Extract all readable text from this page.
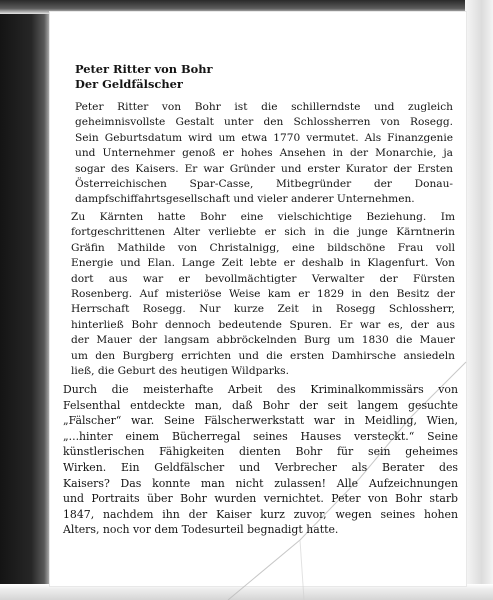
Peter Ritter von Bohr
Der Geldfälscher

Peter Ritter von Bohr ist die schillerndste und zugleich
geheimnisvollste Gestalt unter den Schlossherren von Rosegg.
Sein Geburtsdatum wird um etwa 1770 vermutet. Als Finanzgenie
und Unternehmer genoß er hohes Ansehen in der Monarchie, ja
sogar des Kaisers. Er war Gründer und erster Kurator der Ersten
Österreichischen Spar-Casse, Mitbegründer der Donau-
dampfschiffahrtsgesellschaft und vieler anderer Unternehmen.

Zu Kärnten hatte Bohr eine vielschichtige Beziehung. Im
fortgeschrittenen Alter verliebte er sich in die junge Kärntnerin
Gräfin Mathilde von Christalnigg, eine bildschöne Frau voll
Energie und Elan. Lange Zeit lebte er deshalb in Klagenfurt. Von
dort aus war er bevollmächtigter Verwalter der Fürsten
Rosenberg. Auf misteriöse Weise kam er 1829 in den Besitz der
Herrschaft Rosegg. Nur kurze Zeit in Rosegg Schlossherr,
hinterließ Bohr dennoch bedeutende Spuren. Er war es, der aus
der Mauer der langsam abbröckelnden Burg um 1830 die Mauer
um den Burgberg errichten und die ersten Damhirsche ansiedeln
ließ, die Geburt des heutigen Wildparks.

Durch die meisterhafte Arbeit des Kriminalkommissärs von
Felsenthal entdeckte man, daß Bohr der seit langem gesuchte
„Fälscher“ war. Seine Fälscherwerkstatt war in Meidling, Wien,
„...hinter einem Bücherregal seines Hauses versteckt.“ Seine
künstlerischen Fähigkeiten dienten Bohr für sein geheimes
Wirken. Ein Geldfälscher und Verbrecher als Berater des
Kaisers? Das konnte man nicht zulassen! Alle Aufzeichnungen
und Portraits über Bohr wurden vernichtet. Peter von Bohr starb
1847, nachdem ihn der Kaiser kurz zuvor, wegen seines hohen
Alters, noch vor dem Todesurteil begnadigt hatte.
